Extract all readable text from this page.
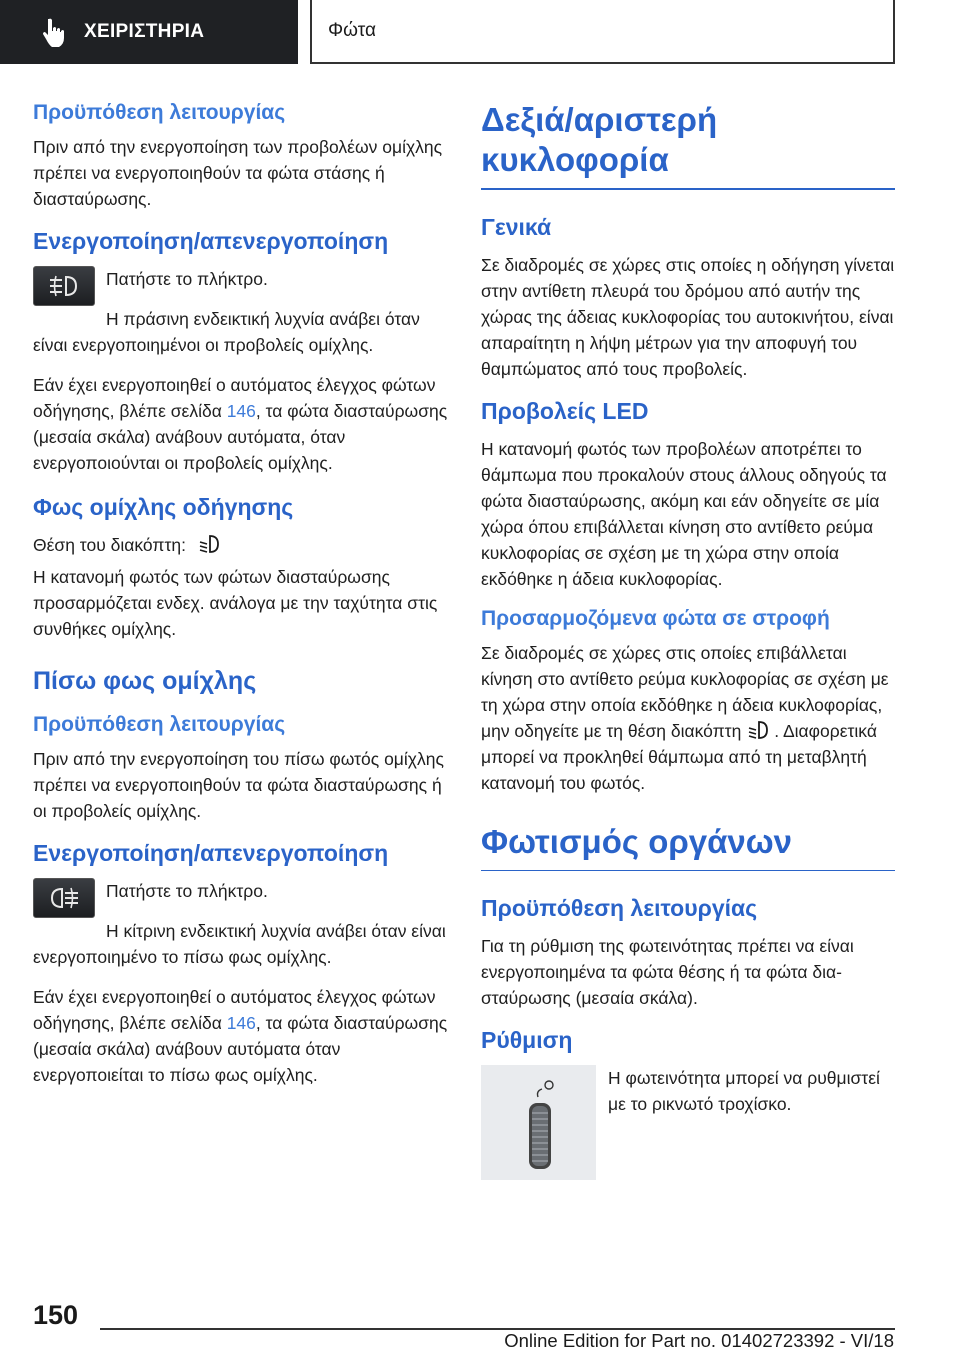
ΧΕΙΡΙΣΤΗΡΙΑ	Φώτα
Προϋπόθεση λειτουργίας
Πριν από την ενεργοποίηση των προβολέων ομίχλης πρέπει να ενεργοποιηθούν τα φώτα στάσης ή διασταύρωσης.
Ενεργοποίηση/απενεργοποίηση
Πατήστε το πλήκτρο.
Η πράσινη ενδεικτική λυχνία ανάβει όταν είναι ενεργοποιημένοι οι προβολείς ομίχλης.
Εάν έχει ενεργοποιηθεί ο αυτόματος έλεγχος φώτων οδήγησης, βλέπε σελίδα 146, τα φώτα διασταύρωσης (μεσαία σκάλα) ανάβουν αυτόματα, όταν ενεργοποιούνται οι προβολείς ομίχλης.
Φως ομίχλης οδήγησης
Θέση του διακόπτη:
Η κατανομή φωτός των φώτων διασταύρωσης προσαρμόζεται ενδεχ. ανάλογα με την ταχύτητα στις συνθήκες ομίχλης.
Πίσω φως ομίχλης
Προϋπόθεση λειτουργίας
Πριν από την ενεργοποίηση του πίσω φωτός ομίχλης πρέπει να ενεργοποιηθούν τα φώτα διασταύρωσης ή οι προβολείς ομίχλης.
Ενεργοποίηση/απενεργοποίηση
Πατήστε το πλήκτρο.
Η κίτρινη ενδεικτική λυχνία ανάβει όταν είναι ενεργοποιημένο το πίσω φως ομίχλης.
Εάν έχει ενεργοποιηθεί ο αυτόματος έλεγχος φώτων οδήγησης, βλέπε σελίδα 146, τα φώτα διασταύρωσης (μεσαία σκάλα) ανάβουν αυτόματα όταν ενεργοποιείται το πίσω φως ομίχλης.
Δεξιά/αριστερή κυκλοφορία
Γενικά
Σε διαδρομές σε χώρες στις οποίες η οδήγηση γίνεται στην αντίθετη πλευρά του δρόμου από αυτήν της χώρας της άδειας κυκλοφορίας του αυτοκινήτου, είναι απαραίτητη η λήψη μέτρων για την αποφυγή του θαμπώματος από τους προβολείς.
Προβολείς LED
Η κατανομή φωτός των προβολέων αποτρέπει το θάμπωμα που προκαλούν στους άλλους οδηγούς τα φώτα διασταύρωσης, ακόμη και εάν οδηγείτε σε μία χώρα όπου επιβάλλεται κίνηση στο αντίθετο ρεύμα κυκλοφορίας σε σχέση με τη χώρα στην οποία εκδόθηκε η άδεια κυκλοφορίας.
Προσαρμοζόμενα φώτα σε στροφή
Σε διαδρομές σε χώρες στις οποίες επιβάλλεται κίνηση στο αντίθετο ρεύμα κυκλοφορίας σε σχέση με τη χώρα στην οποία εκδόθηκε η άδεια κυκλοφορίας, μην οδηγείτε με τη θέση διακόπτη . Διαφορετικά μπορεί να προκληθεί θάμπωμα από τη μεταβλητή κατανομή του φωτός.
Φωτισμός οργάνων
Προϋπόθεση λειτουργίας
Για τη ρύθμιση της φωτεινότητας πρέπει να είναι ενεργοποιημένα τα φώτα θέσης ή τα φώτα διασταύρωσης (μεσαία σκάλα).
Ρύθμιση
Η φωτεινότητα μπορεί να ρυθμιστεί με το ρικνωτό τροχίσκο.
150
Online Edition for Part no. 01402723392 - VI/18
